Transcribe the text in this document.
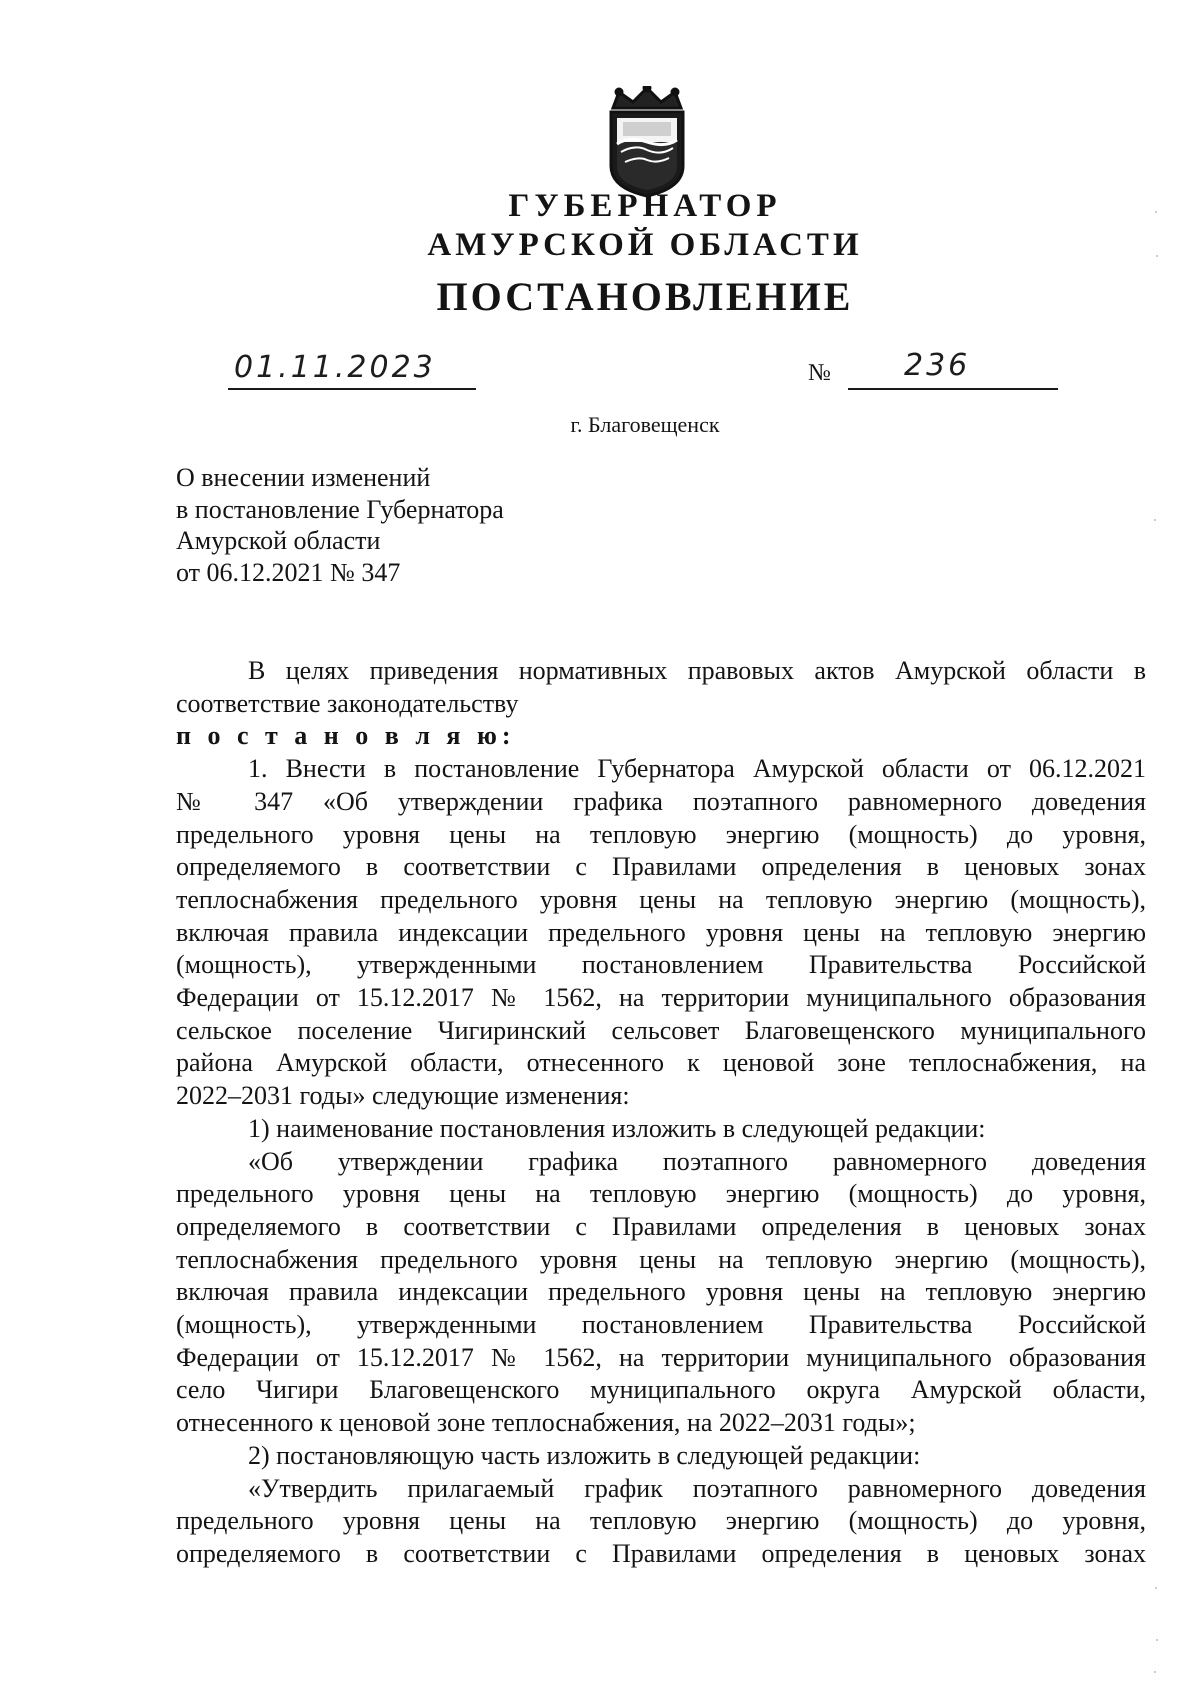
ГУБЕРНАТОР
АМУРСКОЙ ОБЛАСТИ
ПОСТАНОВЛЕНИЕ
01.11.2023	№ 236
г. Благовещенск
О внесении изменений
в постановление Губернатора
Амурской области
от 06.12.2021 № 347
В целях приведения нормативных правовых актов Амурской области в
соответствие законодательству
п о с т а н о в л я ю:
1. Внести в постановление Губернатора Амурской области от 06.12.2021
№ 347 «Об утверждении графика поэтапного равномерного доведения
предельного уровня цены на тепловую энергию (мощность) до уровня,
определяемого в соответствии с Правилами определения в ценовых зонах
теплоснабжения предельного уровня цены на тепловую энергию (мощность),
включая правила индексации предельного уровня цены на тепловую энергию
(мощность), утвержденными постановлением Правительства Российской
Федерации от 15.12.2017 № 1562, на территории муниципального образования
сельское поселение Чигиринский сельсовет Благовещенского муниципального
района Амурской области, отнесенного к ценовой зоне теплоснабжения, на
2022–2031 годы» следующие изменения:
1) наименование постановления изложить в следующей редакции:
«Об утверждении графика поэтапного равномерного доведения
предельного уровня цены на тепловую энергию (мощность) до уровня,
определяемого в соответствии с Правилами определения в ценовых зонах
теплоснабжения предельного уровня цены на тепловую энергию (мощность),
включая правила индексации предельного уровня цены на тепловую энергию
(мощность), утвержденными постановлением Правительства Российской
Федерации от 15.12.2017 № 1562, на территории муниципального образования
село Чигири Благовещенского муниципального округа Амурской области,
отнесенного к ценовой зоне теплоснабжения, на 2022–2031 годы»;
2) постановляющую часть изложить в следующей редакции:
«Утвердить прилагаемый график поэтапного равномерного доведения
предельного уровня цены на тепловую энергию (мощность) до уровня,
определяемого в соответствии с Правилами определения в ценовых зонах
